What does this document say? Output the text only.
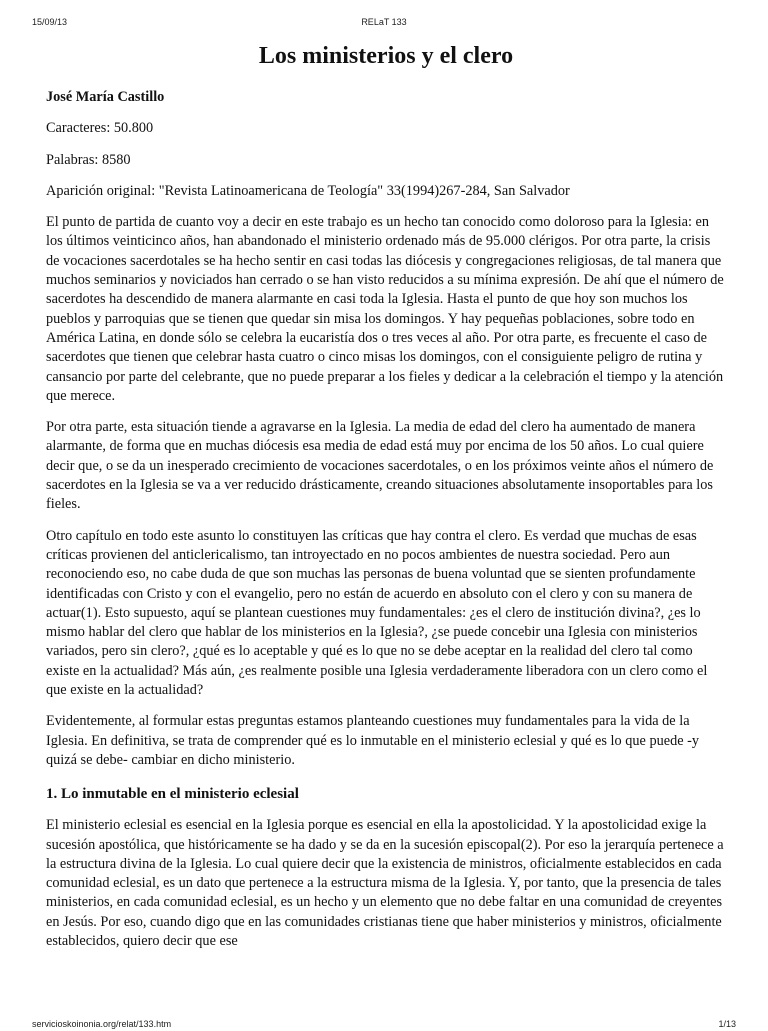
15/09/13	RELaT 133
Los ministerios y el clero

José María Castillo

Caracteres: 50.800

Palabras: 8580

Aparición original: "Revista Latinoamericana de Teología" 33(1994)267-284, San Salvador

El punto de partida de cuanto voy a decir en este trabajo es un hecho tan conocido como doloroso para la Iglesia: en los últimos veinticinco años, han abandonado el ministerio ordenado más de 95.000 clérigos. Por otra parte, la crisis de vocaciones sacerdotales se ha hecho sentir en casi todas las diócesis y congregaciones religiosas, de tal manera que muchos seminarios y noviciados han cerrado o se han visto reducidos a su mínima expresión. De ahí que el número de sacerdotes ha descendido de manera alarmante en casi toda la Iglesia. Hasta el punto de que hoy son muchos los pueblos y parroquias que se tienen que quedar sin misa los domingos. Y hay pequeñas poblaciones, sobre todo en América Latina, en donde sólo se celebra la eucaristía dos o tres veces al año. Por otra parte, es frecuente el caso de sacerdotes que tienen que celebrar hasta cuatro o cinco misas los domingos, con el consiguiente peligro de rutina y cansancio por parte del celebrante, que no puede preparar a los fieles y dedicar a la celebración el tiempo y la atención que merece.

Por otra parte, esta situación tiende a agravarse en la Iglesia. La media de edad del clero ha aumentado de manera alarmante, de forma que en muchas diócesis esa media de edad está muy por encima de los 50 años. Lo cual quiere decir que, o se da un inesperado crecimiento de vocaciones sacerdotales, o en los próximos veinte años el número de sacerdotes en la Iglesia se va a ver reducido drásticamente, creando situaciones absolutamente insoportables para los fieles.

Otro capítulo en todo este asunto lo constituyen las críticas que hay contra el clero. Es verdad que muchas de esas críticas provienen del anticlericalismo, tan introyectado en no pocos ambientes de nuestra sociedad. Pero aun reconociendo eso, no cabe duda de que son muchas las personas de buena voluntad que se sienten profundamente identificadas con Cristo y con el evangelio, pero no están de acuerdo en absoluto con el clero y con su manera de actuar(1). Esto supuesto, aquí se plantean cuestiones muy fundamentales: ¿es el clero de institución divina?, ¿es lo mismo hablar del clero que hablar de los ministerios en la Iglesia?, ¿se puede concebir una Iglesia con ministerios variados, pero sin clero?, ¿qué es lo aceptable y qué es lo que no se debe aceptar en la realidad del clero tal como existe en la actualidad? Más aún, ¿es realmente posible una Iglesia verdaderamente liberadora con un clero como el que existe en la actualidad?

Evidentemente, al formular estas preguntas estamos planteando cuestiones muy fundamentales para la vida de la Iglesia. En definitiva, se trata de comprender qué es lo inmutable en el ministerio eclesial y qué es lo que puede -y quizá se debe- cambiar en dicho ministerio.

1. Lo inmutable en el ministerio eclesial

El ministerio eclesial es esencial en la Iglesia porque es esencial en ella la apostolicidad. Y la apostolicidad exige la sucesión apostólica, que históricamente se ha dado y se da en la sucesión episcopal(2). Por eso la jerarquía pertenece a la estructura divina de la Iglesia. Lo cual quiere decir que la existencia de ministros, oficialmente establecidos en cada comunidad eclesial, es un dato que pertenece a la estructura misma de la Iglesia. Y, por tanto, que la presencia de tales ministerios, en cada comunidad eclesial, es un hecho y un elemento que no debe faltar en una comunidad de creyentes en Jesús. Por eso, cuando digo que en las comunidades cristianas tiene que haber ministerios y ministros, oficialmente establecidos, quiero decir que ese

servicioskoinonia.org/relat/133.htm	1/13
